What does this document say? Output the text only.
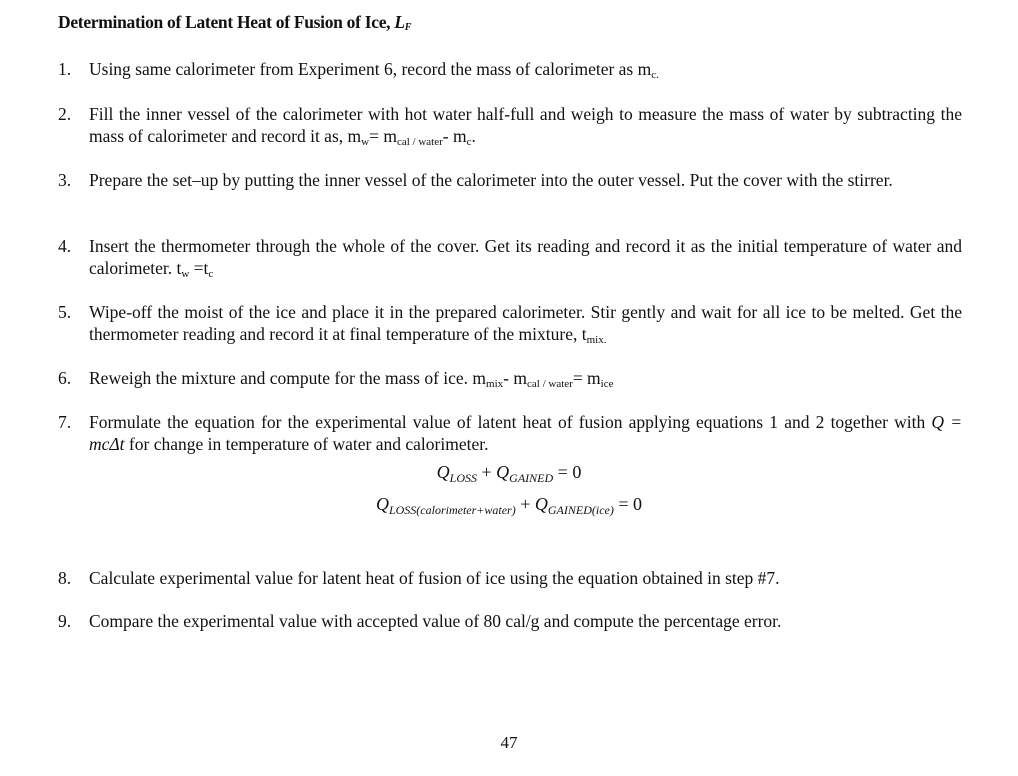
Determination of Latent Heat of Fusion of Ice, $L_F$
1. Using same calorimeter from Experiment 6, record the mass of calorimeter as $m_{c.}$
2. Fill the inner vessel of the calorimeter with hot water half-full and weigh to measure the mass of water by subtracting the mass of calorimeter and record it as, $m_w= m_{cal / water}-$ $m_c$.
3. Prepare the set–up by putting the inner vessel of the calorimeter into the outer vessel. Put the cover with the stirrer.
4. Insert the thermometer through the whole of the cover. Get its reading and record it as the initial temperature of water and calorimeter. $t_w =t_c$
5. Wipe-off the moist of the ice and place it in the prepared calorimeter. Stir gently and wait for all ice to be melted. Get the thermometer reading and record it at final temperature of the mixture, $t_{mix.}$
6. Reweigh the mixture and compute for the mass of ice. $m_{mix}-$ $m_{cal / water}= m_{ice}$
7. Formulate the equation for the experimental value of latent heat of fusion applying equations 1 and 2 together with Q = mcΔt for change in temperature of water and calorimeter.
$Q_{LOSS} + Q_{GAINED} = 0$
$Q_{LOSS(calorimeter+water)} + Q_{GAINED(ice)} = 0$
8. Calculate experimental value for latent heat of fusion of ice using the equation obtained in step #7.
9. Compare the experimental value with accepted value of 80 cal/g and compute the percentage error.
47
